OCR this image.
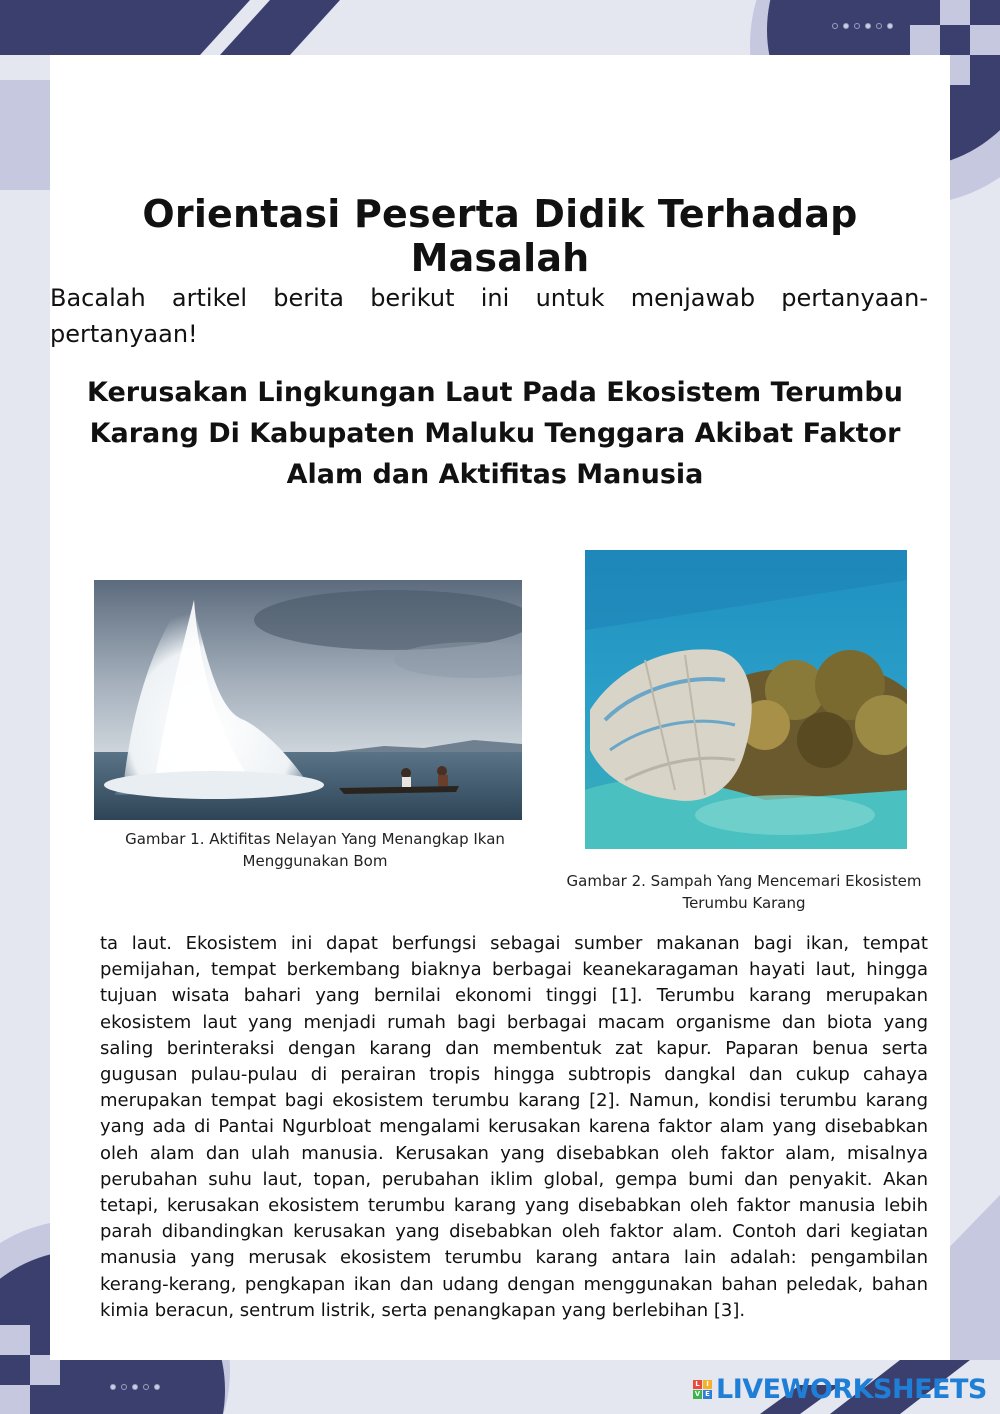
Orientasi Peserta Didik Terhadap Masalah

Bacalah artikel berita berikut ini untuk menjawab pertanyaan-pertanyaan!

Kerusakan Lingkungan Laut Pada Ekosistem Terumbu Karang Di Kabupaten Maluku Tenggara Akibat Faktor Alam dan Aktifitas Manusia
Gambar 1. Aktifitas Nelayan Yang Menangkap Ikan Menggunakan Bom
Gambar 2. Sampah Yang Mencemari Ekosistem Terumbu Karang

ta laut. Ekosistem ini dapat berfungsi sebagai sumber makanan bagi ikan, tempat pemijahan, tempat berkembang biaknya berbagai keanekaragaman hayati laut, hingga tujuan wisata bahari yang bernilai ekonomi tinggi [1]. Terumbu karang merupakan ekosistem laut yang menjadi rumah bagi berbagai macam organisme dan biota yang saling berinteraksi dengan karang dan membentuk zat kapur. Paparan benua serta gugusan pulau-pulau di perairan tropis hingga subtropis dangkal dan cukup cahaya merupakan tempat bagi ekosistem terumbu karang [2]. Namun, kondisi terumbu karang yang ada di Pantai Ngurbloat mengalami kerusakan karena faktor alam yang disebabkan oleh alam dan ulah manusia. Kerusakan yang disebabkan oleh faktor alam, misalnya perubahan suhu laut, topan, perubahan iklim global, gempa bumi dan penyakit. Akan tetapi, kerusakan ekosistem terumbu karang yang disebabkan oleh faktor manusia lebih parah dibandingkan kerusakan yang disebabkan oleh faktor alam. Contoh dari kegiatan manusia yang merusak ekosistem terumbu karang antara lain adalah: pengambilan kerang-kerang, pengkapan ikan dan udang dengan menggunakan bahan peledak, bahan kimia beracun, sentrum listrik, serta penangkapan yang berlebihan [3].

L I
V E LIVEWORKSHEETS
